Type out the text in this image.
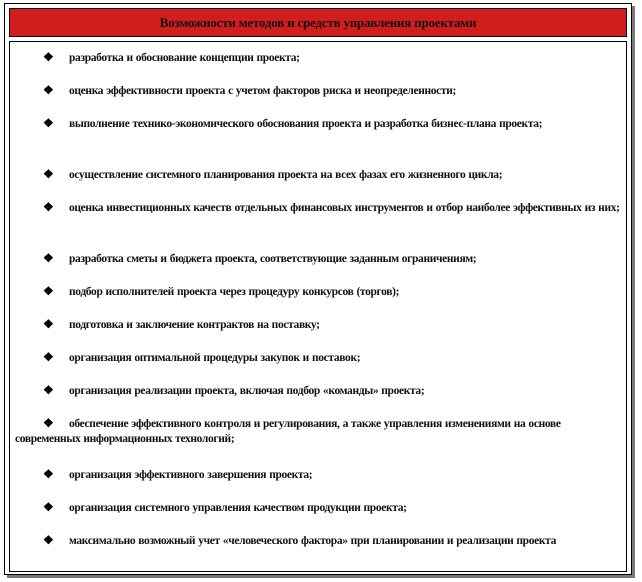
Возможности методов и средств управления проектами
❖ разработка и обоснование концепции проекта;
❖ оценка эффективности проекта с учетом факторов риска и неопределенности;
❖ выполнение технико-экономического обоснования проекта и разработка бизнес-плана проекта;
❖ осуществление системного планирования проекта на всех фазах его жизненного цикла;
❖ оценка инвестиционных качеств отдельных финансовых инструментов и отбор наиболее эффективных из них;
❖ разработка сметы и бюджета проекта, соответствующие заданным ограничениям;
❖ подбор исполнителей проекта через процедуру конкурсов (торгов);
❖ подготовка и заключение контрактов на поставку;
❖ организация оптимальной процедуры закупок и поставок;
❖ организация реализации проекта, включая подбор «команды» проекта;
❖ обеспечение эффективного контроля и регулирования, а также управления изменениями на основе современных информационных технологий;
❖ организация эффективного завершения проекта;
❖ организация системного управления качеством продукции проекта;
❖ максимально возможный учет «человеческого фактора» при планировании и реализации проекта
